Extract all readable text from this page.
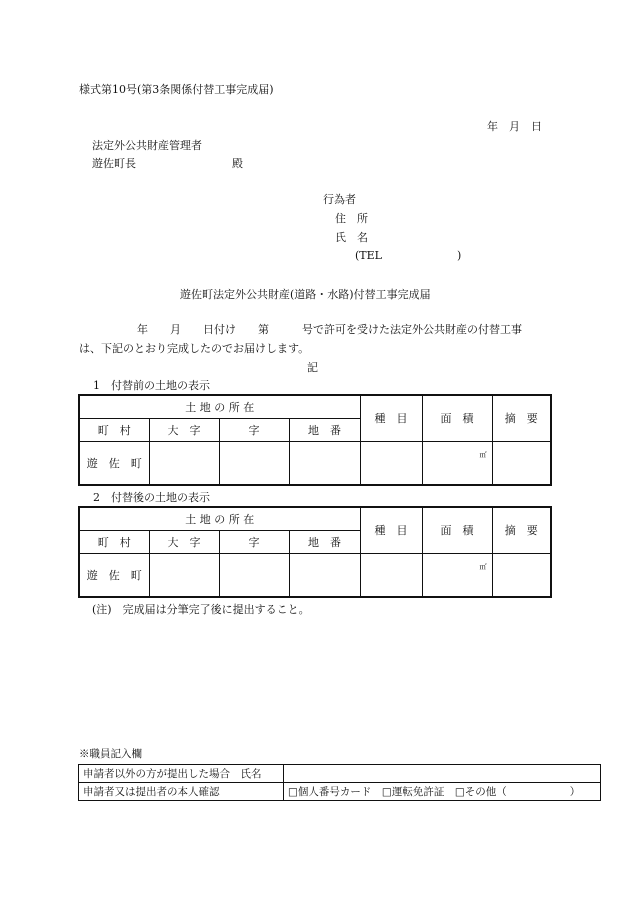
様式第10号(第3条関係付替工事完成届)
年　月　日
法定外公共財産管理者
遊佐町長	殿
行為者
住　所
氏　名
(TEL	)
遊佐町法定外公共財産(道路・水路)付替工事完成届
年　　月　　日付け　　第　　　号で許可を受けた法定外公共財産の付替工事
は、下記のとおり完成したのでお届けします。
記
1　付替前の土地の表示
土 地 の 所 在				種　目	面　積	摘　要
町　村	大　字	字	地　番			
遊　佐　町					㎡	

2　付替後の土地の表示
土 地 の 所 在				種　目	面　積	摘　要
町　村	大　字	字	地　番			
遊　佐　町					㎡	

(注)　完成届は分筆完了後に提出すること。
※職員記入欄
申請者以外の方が提出した場合　氏名	
申請者又は提出者の本人確認	□個人番号カード　□運転免許証　□その他（　　　　　　）
